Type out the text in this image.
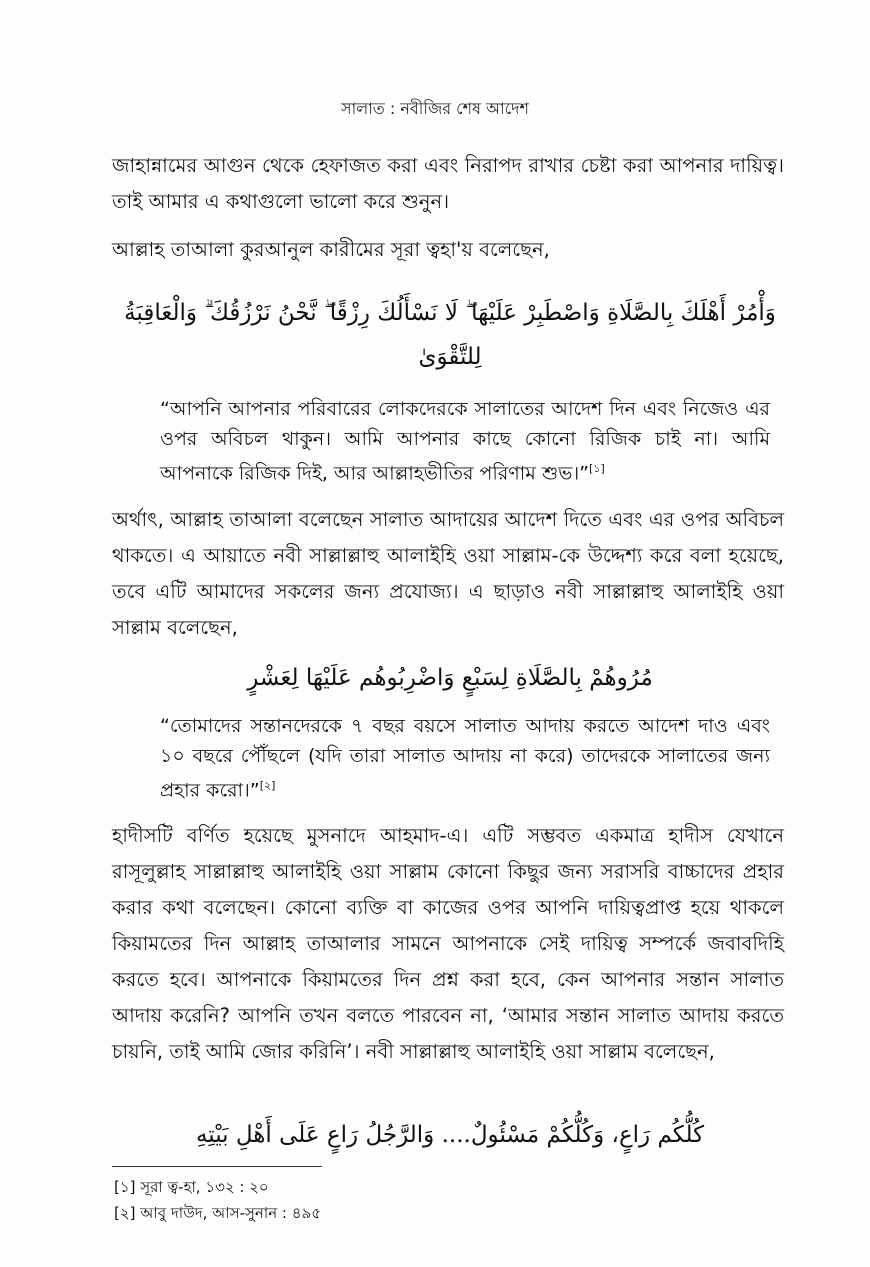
সালাত : নবীজির শেষ আদেশ
জাহান্নামের আগুন থেকে হেফাজত করা এবং নিরাপদ রাখার চেষ্টা করা আপনার দায়িত্ব। তাই আমার এ কথাগুলো ভালো করে শুনুন।
আল্লাহ তাআলা কুরআনুল কারীমের সূরা ত্বহা'য় বলেছেন,
وَأْمُرْ أَهْلَكَ بِالصَّلَاةِ وَاصْطَبِرْ عَلَيْهَا ۖ لَا نَسْأَلُكَ رِزْقًا ۖ نَّحْنُ نَرْزُقُكَ ۗ وَالْعَاقِبَةُ
لِلتَّقْوَىٰ
“আপনি আপনার পরিবারের লোকদেরকে সালাতের আদেশ দিন এবং নিজেও এর ওপর অবিচল থাকুন। আমি আপনার কাছে কোনো রিজিক চাই না। আমি আপনাকে রিজিক দিই, আর আল্লাহভীতির পরিণাম শুভ।”[১]
অর্থাৎ, আল্লাহ তাআলা বলেছেন সালাত আদায়ের আদেশ দিতে এবং এর ওপর অবিচল থাকতে। এ আয়াতে নবী সাল্লাল্লাহু আলাইহি ওয়া সাল্লাম-কে উদ্দেশ্য করে বলা হয়েছে, তবে এটি আমাদের সকলের জন্য প্রযোজ্য। এ ছাড়াও নবী সাল্লাল্লাহু আলাইহি ওয়া সাল্লাম বলেছেন,
مُرُوهُمْ بِالصَّلَاةِ لِسَبْعٍ وَاضْرِبُوهُم عَلَيْهَا لِعَشْرٍ
“তোমাদের সন্তানদেরকে ৭ বছর বয়সে সালাত আদায় করতে আদেশ দাও এবং ১০ বছরে পৌঁছলে (যদি তারা সালাত আদায় না করে) তাদেরকে সালাতের জন্য প্রহার করো।”[২]
হাদীসটি বর্ণিত হয়েছে মুসনাদে আহমাদ-এ। এটি সম্ভবত একমাত্র হাদীস যেখানে রাসূলুল্লাহ সাল্লাল্লাহু আলাইহি ওয়া সাল্লাম কোনো কিছুর জন্য সরাসরি বাচ্চাদের প্রহার করার কথা বলেছেন। কোনো ব্যক্তি বা কাজের ওপর আপনি দায়িত্বপ্রাপ্ত হয়ে থাকলে কিয়ামতের দিন আল্লাহ তাআলার সামনে আপনাকে সেই দায়িত্ব সম্পর্কে জবাবদিহি করতে হবে। আপনাকে কিয়ামতের দিন প্রশ্ন করা হবে, কেন আপনার সন্তান সালাত আদায় করেনি? আপনি তখন বলতে পারবেন না, ‘আমার সন্তান সালাত আদায় করতে চায়নি, তাই আমি জোর করিনি’। নবী সাল্লাল্লাহু আলাইহি ওয়া সাল্লাম বলেছেন,
كُلُّكُم رَاعٍ، وَكُلُّكُمْ مَسْئُولٌ.... وَالرَّجُلُ رَاعٍ عَلَى أَهْلِ بَيْتِهِ
[১] সূরা ত্ব-হা, ১৩২ : ২০
[২] আবু দাউদ, আস-সুনান : ৪৯৫
